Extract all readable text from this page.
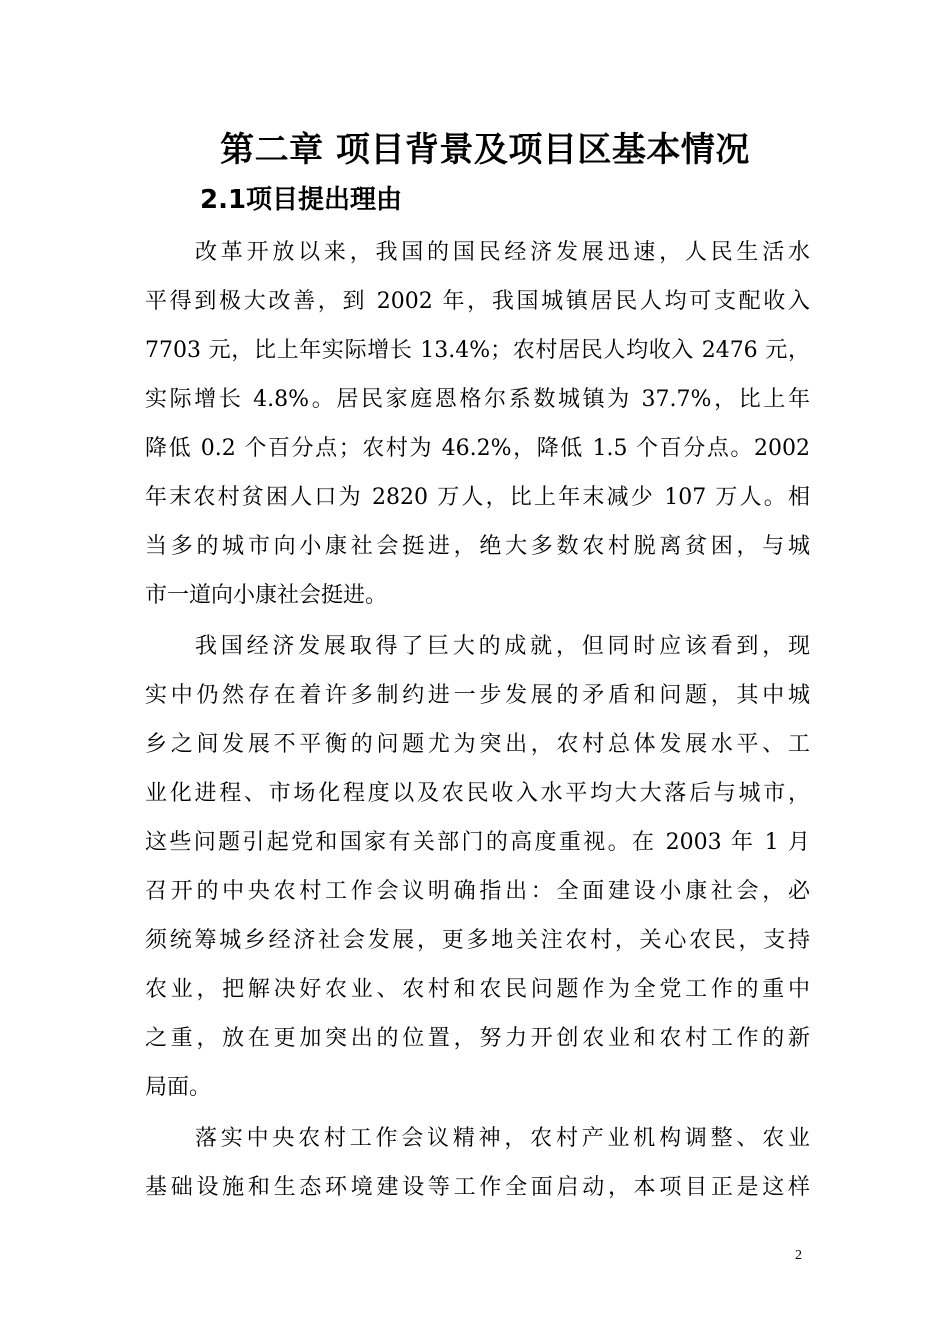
第二章 项目背景及项目区基本情况
2.1项目提出理由
改革开放以来，我国的国民经济发展迅速，人民生活水
平得到极大改善，到 2002 年，我国城镇居民人均可支配收入
7703 元，比上年实际增长 13.4%；农村居民人均收入 2476 元，
实际增长 4.8%。居民家庭恩格尔系数城镇为 37.7%，比上年
降低 0.2 个百分点；农村为 46.2%，降低 1.5 个百分点。2002
年末农村贫困人口为 2820 万人，比上年末减少 107 万人。相
当多的城市向小康社会挺进，绝大多数农村脱离贫困，与城
市一道向小康社会挺进。
我国经济发展取得了巨大的成就，但同时应该看到，现
实中仍然存在着许多制约进一步发展的矛盾和问题，其中城
乡之间发展不平衡的问题尤为突出，农村总体发展水平、工
业化进程、市场化程度以及农民收入水平均大大落后与城市，
这些问题引起党和国家有关部门的高度重视。在 2003 年 1 月
召开的中央农村工作会议明确指出：全面建设小康社会，必
须统筹城乡经济社会发展，更多地关注农村，关心农民，支持
农业，把解决好农业、农村和农民问题作为全党工作的重中
之重，放在更加突出的位置，努力开创农业和农村工作的新
局面。
落实中央农村工作会议精神，农村产业机构调整、农业
基础设施和生态环境建设等工作全面启动，本项目正是这样
2
